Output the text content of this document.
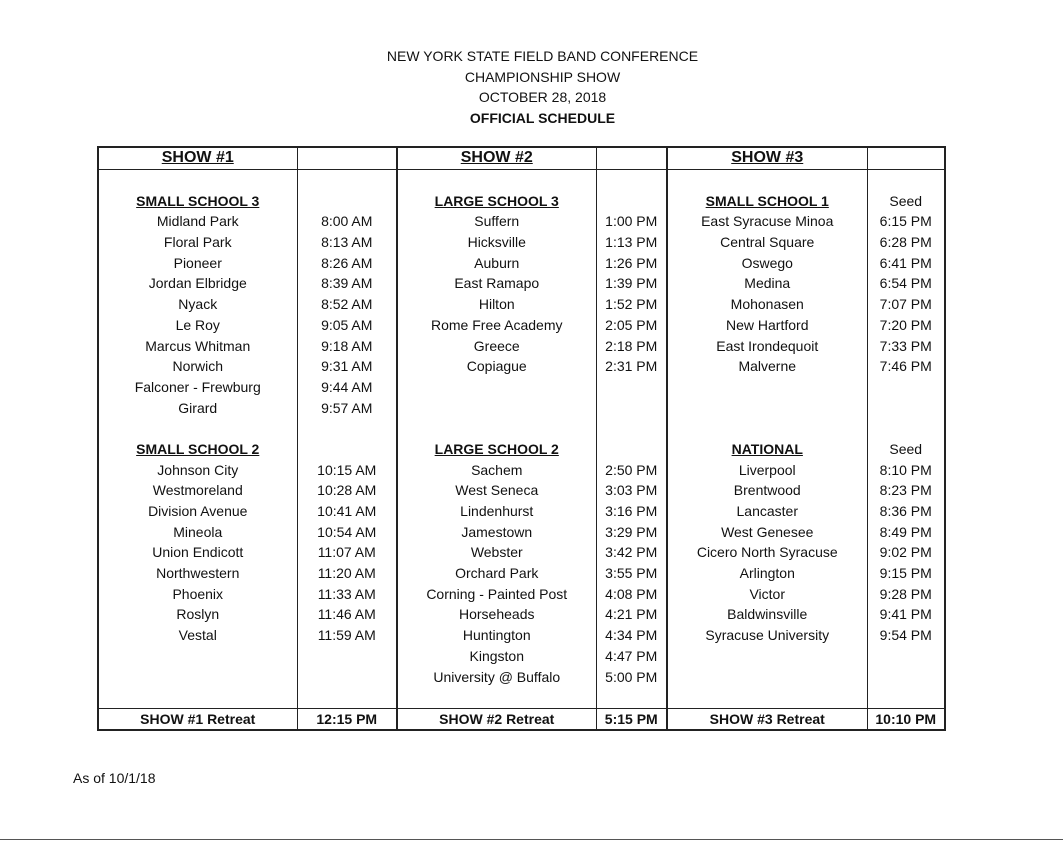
NEW YORK STATE FIELD BAND CONFERENCE
CHAMPIONSHIP SHOW
OCTOBER 28, 2018
OFFICIAL SCHEDULE
SHOW #1		SHOW #2		SHOW #3	

SMALL SCHOOL 3		LARGE SCHOOL 3		SMALL SCHOOL 1	Seed
Midland Park	8:00 AM	Suffern	1:00 PM	East Syracuse Minoa	6:15 PM
Floral Park	8:13 AM	Hicksville	1:13 PM	Central Square	6:28 PM
Pioneer	8:26 AM	Auburn	1:26 PM	Oswego	6:41 PM
Jordan Elbridge	8:39 AM	East Ramapo	1:39 PM	Medina	6:54 PM
Nyack	8:52 AM	Hilton	1:52 PM	Mohonasen	7:07 PM
Le Roy	9:05 AM	Rome Free Academy	2:05 PM	New Hartford	7:20 PM
Marcus Whitman	9:18 AM	Greece	2:18 PM	East Irondequoit	7:33 PM
Norwich	9:31 AM	Copiague	2:31 PM	Malverne	7:46 PM
Falconer - Frewburg	9:44 AM				
Girard	9:57 AM				

SMALL SCHOOL 2		LARGE SCHOOL 2		NATIONAL	Seed
Johnson City	10:15 AM	Sachem	2:50 PM	Liverpool	8:10 PM
Westmoreland	10:28 AM	West Seneca	3:03 PM	Brentwood	8:23 PM
Division Avenue	10:41 AM	Lindenhurst	3:16 PM	Lancaster	8:36 PM
Mineola	10:54 AM	Jamestown	3:29 PM	West Genesee	8:49 PM
Union Endicott	11:07 AM	Webster	3:42 PM	Cicero North Syracuse	9:02 PM
Northwestern	11:20 AM	Orchard Park	3:55 PM	Arlington	9:15 PM
Phoenix	11:33 AM	Corning - Painted Post	4:08 PM	Victor	9:28 PM
Roslyn	11:46 AM	Horseheads	4:21 PM	Baldwinsville	9:41 PM
Vestal	11:59 AM	Huntington	4:34 PM	Syracuse University	9:54 PM
		Kingston	4:47 PM		
		University @ Buffalo	5:00 PM		

SHOW #1 Retreat	12:15 PM	SHOW #2 Retreat	5:15 PM	SHOW #3 Retreat	10:10 PM
As of 10/1/18
